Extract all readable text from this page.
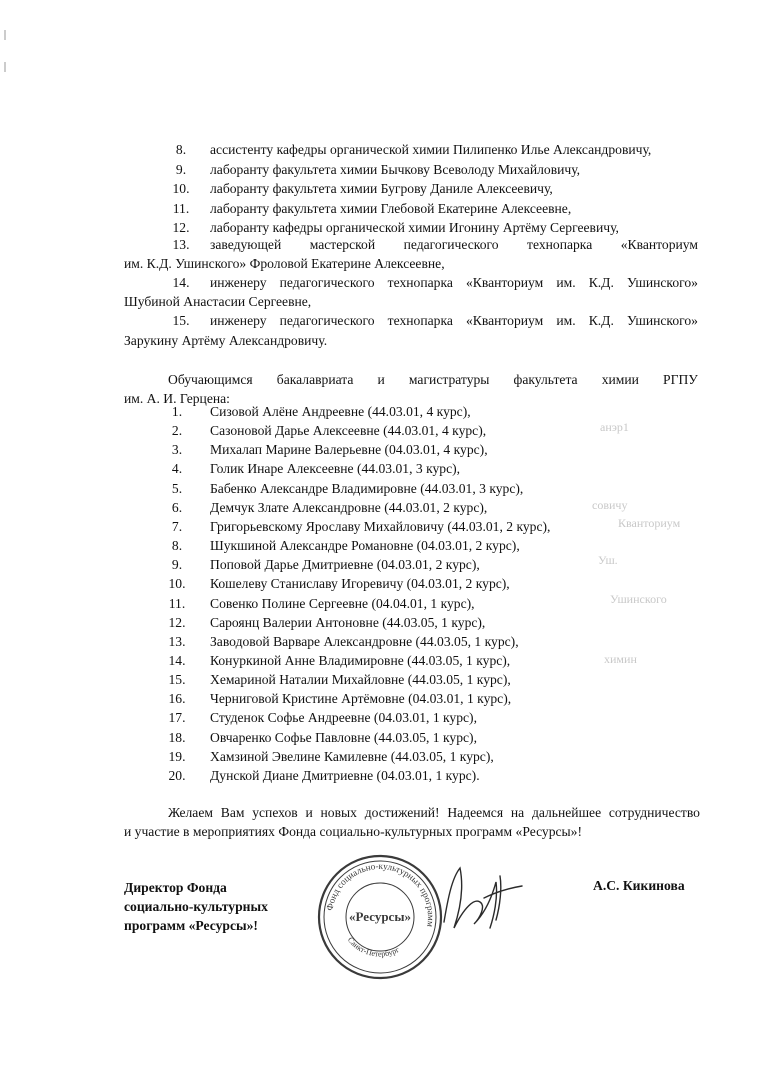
8.	ассистенту кафедры органической химии Пилипенко Илье Александровичу,
9.	лаборанту факультета химии Бычкову Всеволоду Михайловичу,
10.	лаборанту факультета химии Бугрову Даниле Алексеевичу,
11.	лаборанту факультета химии Глебовой Екатерине Алексеевне,
12.	лаборанту кафедры органической химии Игонину Артёму Сергеевичу,
13.	заведующей мастерской педагогического технопарка «Кванториум
им. К.Д. Ушинского» Фроловой Екатерине Алексеевне,
14.	инженеру педагогического технопарка «Кванториум им. К.Д. Ушинского»
Шубиной Анастасии Сергеевне,
15.	инженеру педагогического технопарка «Кванториум им. К.Д. Ушинского»
Зарукину Артёму Александровичу.
Обучающимся бакалавриата и магистратуры факультета химии РГПУ
им. А. И. Герцена:
1.	Сизовой Алёне Андреевне (44.03.01, 4 курс),
2.	Сазоновой Дарье Алексеевне (44.03.01, 4 курс),
3.	Михалап Марине Валерьевне (04.03.01, 4 курс),
4.	Голик Инаре Алексеевне (44.03.01, 3 курс),
5.	Бабенко Александре Владимировне (44.03.01, 3 курс),
6.	Демчук Злате Александровне (44.03.01, 2 курс),
7.	Григорьевскому Ярославу Михайловичу (44.03.01, 2 курс),
8.	Шукшиной Александре Романовне (04.03.01, 2 курс),
9.	Поповой Дарье Дмитриевне (04.03.01, 2 курс),
10.	Кошелеву Станиславу Игоревичу (04.03.01, 2 курс),
11.	Совенко Полине Сергеевне (04.04.01, 1 курс),
12.	Сароянц Валерии Антоновне (44.03.05, 1 курс),
13.	Заводовой Варваре Александровне (44.03.05, 1 курс),
14.	Конуркиной Анне Владимировне (44.03.05, 1 курс),
15.	Хемариной Наталии Михайловне (44.03.05, 1 курс),
16.	Черниговой Кристине Артёмовне (04.03.01, 1 курс),
17.	Студенок Софье Андреевне (04.03.01, 1 курс),
18.	Овчаренко Софье Павловне (44.03.05, 1 курс),
19.	Хамзиной Эвелине Камилевне (44.03.05, 1 курс),
20.	Дунской Диане Дмитриевне (04.03.01, 1 курс).
Желаем Вам успехов и новых достижений! Надеемся на дальнейшее сотрудничество
и участие в мероприятиях Фонда социально-культурных программ «Ресурсы»!
Директор Фонда
социально-культурных
программ «Ресурсы»!
А.С. Кикинова
Фонд социально-культурных программ
Санкт-Петербург
«Ресурсы»
анэр1
совичу
Кванториум
Уш.
Ушинского
химин
